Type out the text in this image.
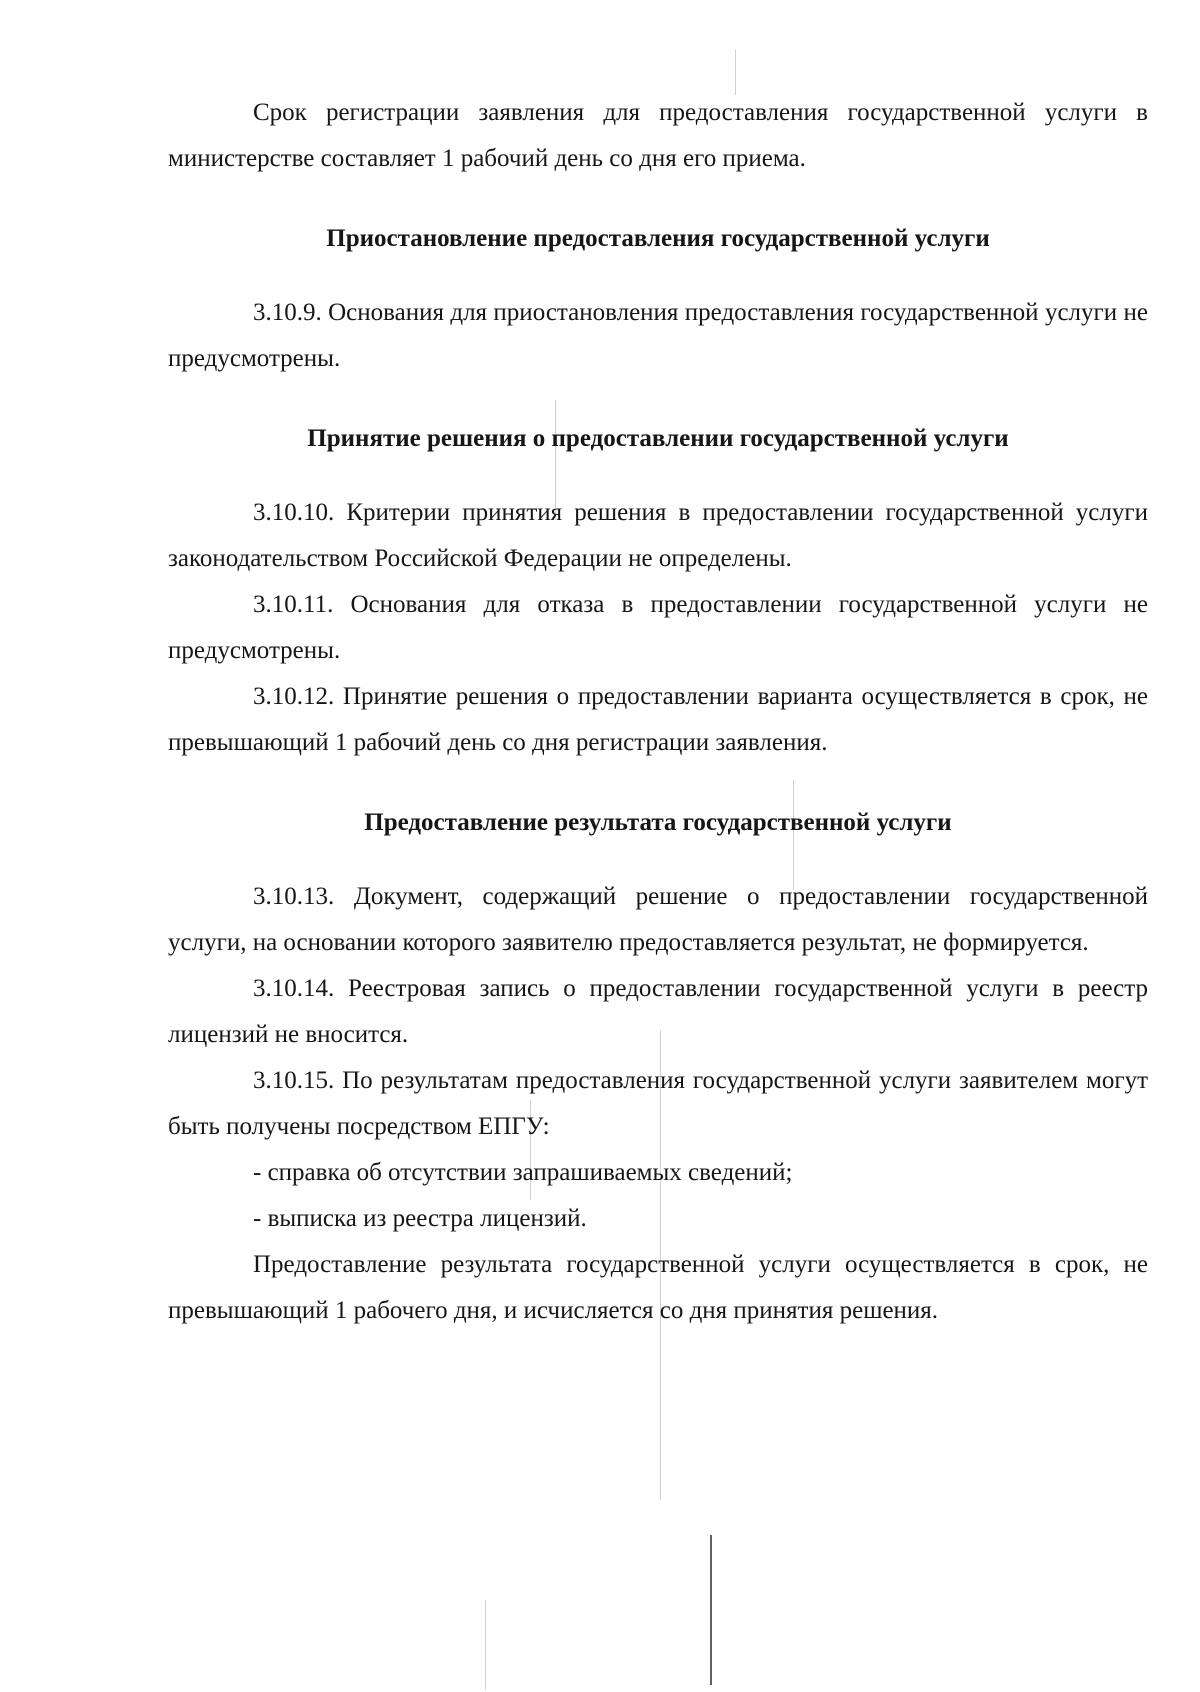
Срок регистрации заявления для предоставления государственной услуги в министерстве составляет 1 рабочий день со дня его приема.

Приостановление предоставления государственной услуги

3.10.9. Основания для приостановления предоставления государственной услуги не предусмотрены.

Принятие решения о предоставлении государственной услуги

3.10.10. Критерии принятия решения в предоставлении государственной услуги законодательством Российской Федерации не определены.

3.10.11. Основания для отказа в предоставлении государственной услуги не предусмотрены.

3.10.12. Принятие решения о предоставлении варианта осуществляется в срок, не превышающий 1 рабочий день со дня регистрации заявления.

Предоставление результата государственной услуги

3.10.13. Документ, содержащий решение о предоставлении государственной услуги, на основании которого заявителю предоставляется результат, не формируется.

3.10.14. Реестровая запись о предоставлении государственной услуги в реестр лицензий не вносится.

3.10.15. По результатам предоставления государственной услуги заявителем могут быть получены посредством ЕПГУ:

- справка об отсутствии запрашиваемых сведений;

- выписка из реестра лицензий.

Предоставление результата государственной услуги осуществляется в срок, не превышающий 1 рабочего дня, и исчисляется со дня принятия решения.
